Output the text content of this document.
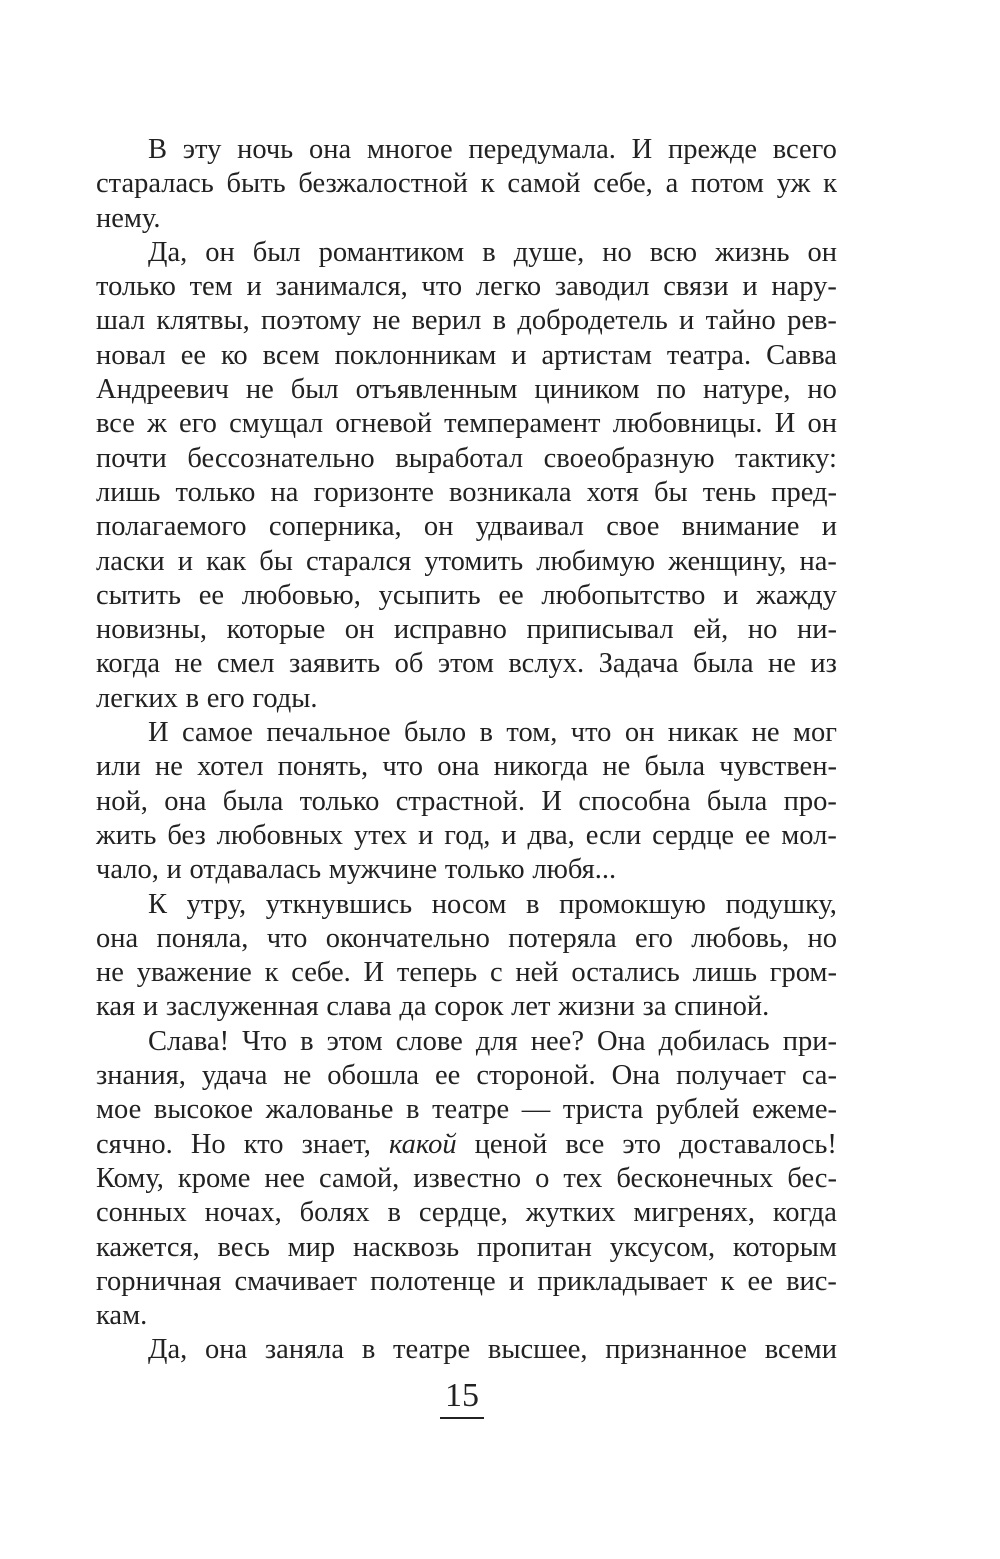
В эту ночь она многое передумала. И прежде всего
старалась быть безжалостной к самой себе, а потом уж к
нему.
Да, он был романтиком в душе, но всю жизнь он
только тем и занимался, что легко заводил связи и нару-
шал клятвы, поэтому не верил в добродетель и тайно рев-
новал ее ко всем поклонникам и артистам театра. Савва
Андреевич не был отъявленным циником по натуре, но
все ж его смущал огневой темперамент любовницы. И он
почти бессознательно выработал своеобразную тактику:
лишь только на горизонте возникала хотя бы тень пред-
полагаемого соперника, он удваивал свое внимание и
ласки и как бы старался утомить любимую женщину, на-
сытить ее любовью, усыпить ее любопытство и жажду
новизны, которые он исправно приписывал ей, но ни-
когда не смел заявить об этом вслух. Задача была не из
легких в его годы.
И самое печальное было в том, что он никак не мог
или не хотел понять, что она никогда не была чувствен-
ной, она была только страстной. И способна была про-
жить без любовных утех и год, и два, если сердце ее мол-
чало, и отдавалась мужчине только любя...
К утру, уткнувшись носом в промокшую подушку,
она поняла, что окончательно потеряла его любовь, но
не уважение к себе. И теперь с ней остались лишь гром-
кая и заслуженная слава да сорок лет жизни за спиной.
Слава! Что в этом слове для нее? Она добилась при-
знания, удача не обошла ее стороной. Она получает са-
мое высокое жалованье в театре — триста рублей ежеме-
сячно. Но кто знает, какой ценой все это доставалось!
Кому, кроме нее самой, известно о тех бесконечных бес-
сонных ночах, болях в сердце, жутких мигренях, когда
кажется, весь мир насквозь пропитан уксусом, которым
горничная смачивает полотенце и прикладывает к ее вис-
кам.
Да, она заняла в театре высшее, признанное всеми
15
